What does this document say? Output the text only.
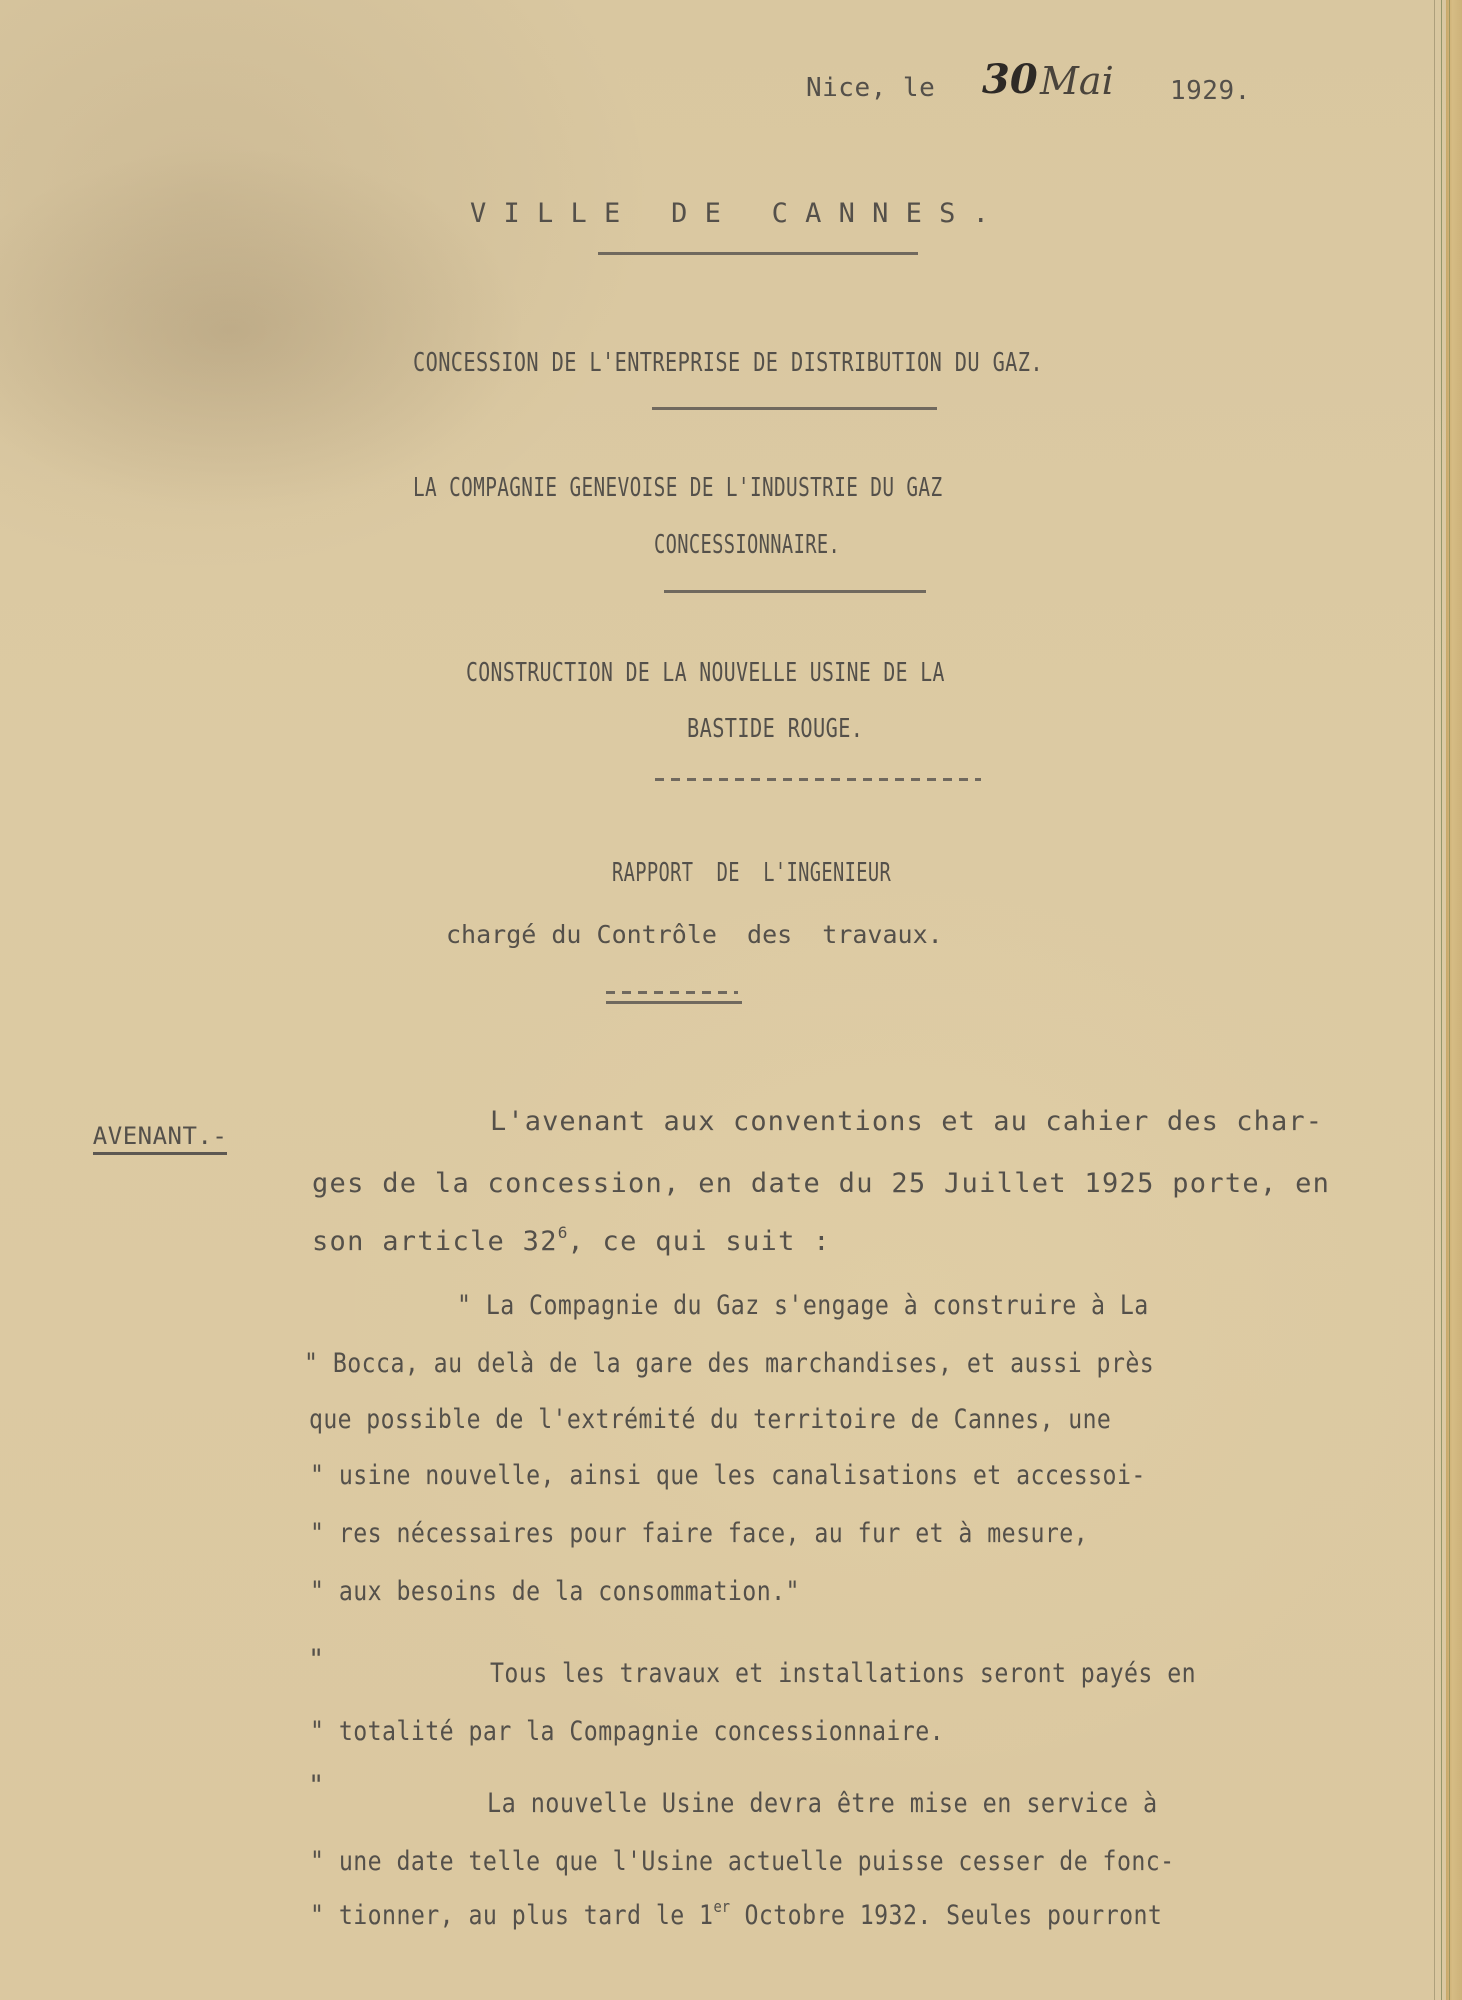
Nice, le 30 Mai 1929.
V I L L E   D E   C A N N E S .
CONCESSION DE L'ENTREPRISE DE DISTRIBUTION DU GAZ.
LA COMPAGNIE GENEVOISE DE L'INDUSTRIE DU GAZ
CONCESSIONNAIRE.
CONSTRUCTION DE LA NOUVELLE USINE DE LA
BASTIDE ROUGE.
RAPPORT  DE  L'INGENIEUR
chargé du Contrôle  des  travaux.

AVENANT.-
	L'avenant aux conventions et au cahier des char-
ges de la concession, en date du 25 Juillet 1925 porte, en
son article $32^6$, ce qui suit :
" La Compagnie du Gaz s'engage à construire à La
" Bocca, au delà de la gare des marchandises, et aussi près
que possible de l'extrémité du territoire de Cannes, une
" usine nouvelle, ainsi que les canalisations et accessoi-
" res nécessaires pour faire face, au fur et à mesure,
" aux besoins de la consommation."
"	Tous les travaux et installations seront payés en
" totalité par la Compagnie concessionnaire.
"
La nouvelle Usine devra être mise en service à
" une date telle que l'Usine actuelle puisse cesser de fonc-
" tionner, au plus tard le 1er Octobre 1932. Seules pourront
